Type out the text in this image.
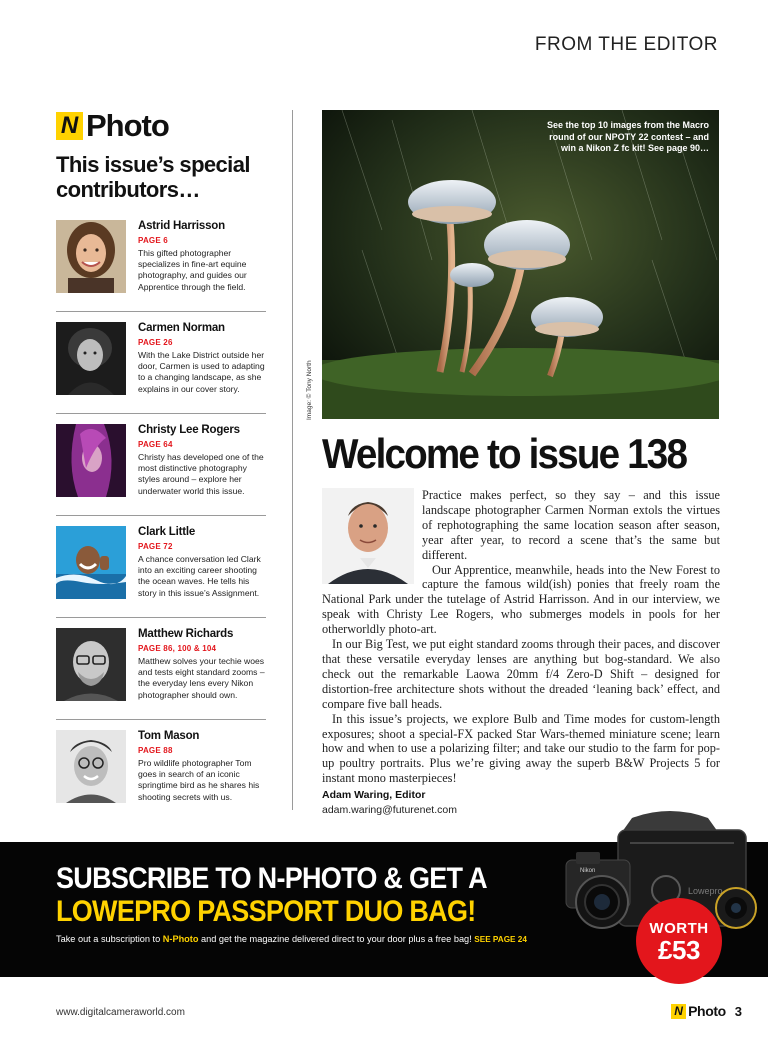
FROM THE EDITOR
N Photo
This issue’s special contributors…
Astrid Harrisson
PAGE 6
This gifted photographer specializes in fine-art equine photography, and guides our Apprentice through the field.
Carmen Norman
PAGE 26
With the Lake District outside her door, Carmen is used to adapting to a changing landscape, as she explains in our cover story.
Christy Lee Rogers
PAGE 64
Christy has developed one of the most distinctive photography styles around – explore her underwater world this issue.
Clark Little
PAGE 72
A chance conversation led Clark into an exciting career shooting the ocean waves. He tells his story in this issue’s Assignment.
Matthew Richards
PAGE 86, 100 & 104
Matthew solves your techie woes and tests eight standard zooms – the everyday lens every Nikon photographer should own.
Tom Mason
PAGE 88
Pro wildlife photographer Tom goes in search of an iconic springtime bird as he shares his shooting secrets with us.
See the top 10 images from the Macro round of our NPOTY 22 contest – and win a Nikon Z fc kit! See page 90…
Image: © Tony North
Welcome to issue 138

Practice makes perfect, so they say – and this issue landscape photographer Carmen Norman extols the virtues of rephotographing the same location season after season, year after year, to record a scene that’s the same but different.

Our Apprentice, meanwhile, heads into the New Forest to capture the famous wild(ish) ponies that freely roam the National Park under the tutelage of Astrid Harrisson. And in our interview, we speak with Christy Lee Rogers, who submerges models in pools for her otherworldly photo-art.

In our Big Test, we put eight standard zooms through their paces, and discover that these versatile everyday lenses are anything but bog-standard. We also check out the remarkable Laowa 20mm f/4 Zero-D Shift – designed for distortion-free architecture shots without the dreaded ‘leaning back’ effect, and compare five ball heads.

In this issue’s projects, we explore Bulb and Time modes for custom-length exposures; shoot a special-FX packed Star Wars-themed miniature scene; learn how and when to use a polarizing filter; and take our studio to the farm for pop-up poultry portraits. Plus we’re giving away the superb B&W Projects 5 for instant mono masterpieces!

Adam Waring, Editor
adam.waring@futurenet.com
SUBSCRIBE TO N-PHOTO & GET A
LOWEPRO PASSPORT DUO BAG!
Take out a subscription to N-Photo and get the magazine delivered direct to your door plus a free bag! SEE PAGE 24
Lowepro
Nikon
WORTH
£53
www.digitalcameraworld.com	N Photo 3
